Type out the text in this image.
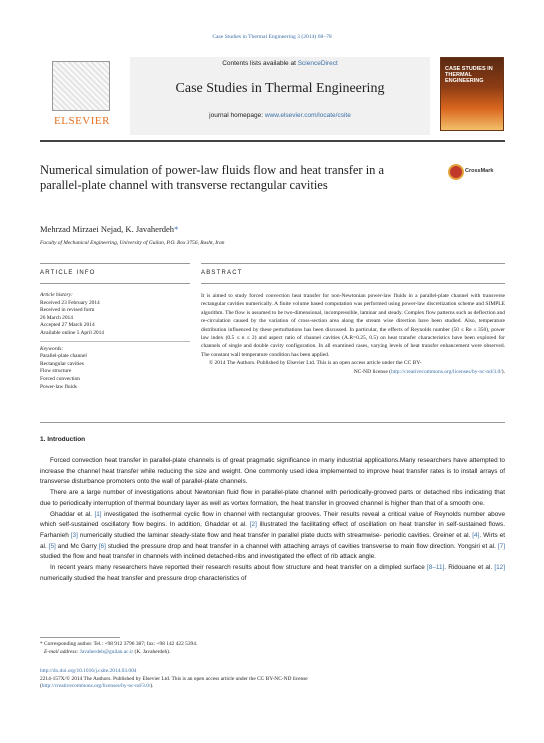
Case Studies in Thermal Engineering 3 (2014) 68–78
ELSEVIER
Contents lists available at ScienceDirect
Case Studies in Thermal Engineering
journal homepage: www.elsevier.com/locate/csite
CASE STUDIES IN THERMAL ENGINEERING
Numerical simulation of power-law fluids flow and heat transfer in a parallel-plate channel with transverse rectangular cavities
CrossMark
Mehrzad Mirzaei Nejad, K. Javaherdeh*
Faculty of Mechanical Engineering, University of Guilan, P.O. Box 3756, Rasht, Iran
ARTICLE INFO	ABSTRACT
Article history:
Received 23 February 2014
Received in revised form
26 March 2014
Accepted 27 March 2014
Available online 5 April 2014
Keywords:
Parallel-plate channel
Rectangular cavities
Flow structure
Forced convection
Power-law fluids
It is aimed to study forced convection heat transfer for non-Newtonian power-law fluids in a parallel-plate channel with transverse rectangular cavities numerically. A finite volume based computation was performed using power-law discretization scheme and SIMPLE algorithm. The flow is assumed to be two-dimensional, incompressible, laminar and steady. Complex flow patterns such as deflection and re-circulation caused by the variation of cross-section area along the stream wise direction have been studied. Also, temperature distribution influenced by these perturbations has been discussed. In particular, the effects of Reynolds number (50 ≤ Re ≤ 350), power law index (0.5 ≤ n ≤ 2) and aspect ratio of channel cavities (A.R=0.25, 0.5) on heat transfer characteristics have been explored for channels of single and double cavity configuration. In all examined cases, varying levels of heat transfer enhancement were observed. The constant wall temperature condition has been applied.
© 2014 The Authors. Published by Elsevier Ltd. This is an open access article under the CC BY-
NC-ND license (http://creativecommons.org/licenses/by-nc-nd/3.0/).
1. Introduction

Forced convection heat transfer in parallel-plate channels is of great pragmatic significance in many industrial applications.Many researchers have attempted to increase the channel heat transfer while reducing the size and weight. One commonly used idea implemented to improve heat transfer rates is to install arrays of transverse disturbance promoters onto the wall of parallel-plate channels.

There are a large number of investigations about Newtonian fluid flow in parallel-plate channel with periodically-grooved parts or detached ribs indicating that due to periodically interruption of thermal boundary layer as well as vortex formation, the heat transfer in grooved channel is higher than that of a smooth one.

Ghaddar et al. [1] investigated the isothermal cyclic flow in channel with rectangular grooves. Their results reveal a critical value of Reynolds number above which self-sustained oscillatory flow begins. In addition, Ghaddar et al. [2] illustrated the facilitating effect of oscillation on heat transfer in self-sustained flows. Farhanieh [3] numerically studied the laminar steady-state flow and heat transfer in parallel plate ducts with streamwise- periodic cavities. Greiner et al. [4]. Wirts et al. [5] and Mc Garry [6] studied the pressure drop and heat transfer in a channel with attaching arrays of cavities transverse to main flow direction. Yongsiri et al. [7] studied the flow and heat transfer in channels with inclined detached-ribs and investigated the effect of rib attack angle.

In recent years many researchers have reported their research results about flow structure and heat transfer on a dimpled surface [8–11]. Ridouane et al. [12] numerically studied the heat transfer and pressure drop characteristics of

* Corresponding author. Tel.: +98 912 3796 387; fax: +98 142 422 5394.
E-mail address: Javaherdeh@guilan.ac.ir (K. Javaherdeh).
http://dx.doi.org/10.1016/j.csite.2014.03.004
2214-157X/© 2014 The Authors. Published by Elsevier Ltd. This is an open access article under the CC BY-NC-ND license
(http://creativecommons.org/licenses/by-nc-nd/3.0/).
